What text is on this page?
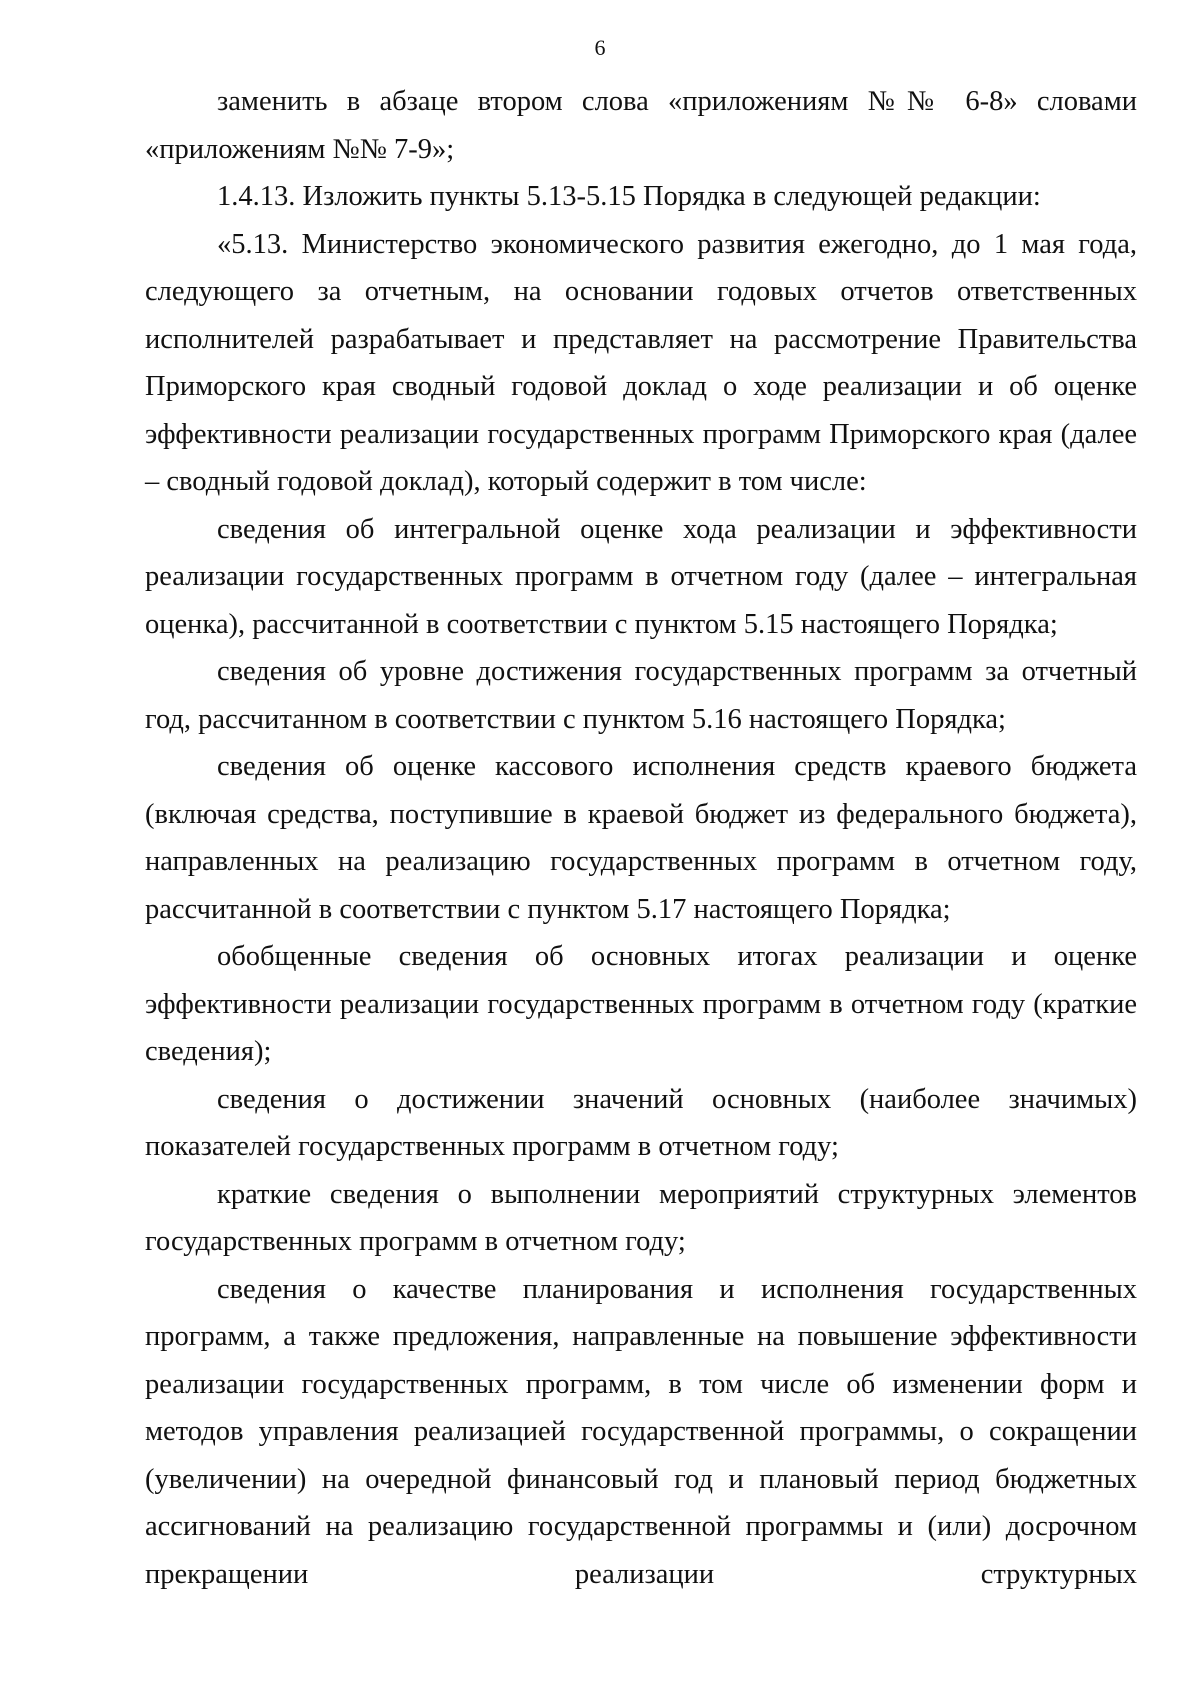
6

заменить в абзаце втором слова «приложениям №№ 6-8» словами «приложениям №№ 7-9»;

1.4.13. Изложить пункты 5.13-5.15 Порядка в следующей редакции:

«5.13. Министерство экономического развития ежегодно, до 1 мая года, следующего за отчетным, на основании годовых отчетов ответственных исполнителей разрабатывает и представляет на рассмотрение Правительства Приморского края сводный годовой доклад о ходе реализации и об оценке эффективности реализации государственных программ Приморского края (далее – сводный годовой доклад), который содержит в том числе:

сведения об интегральной оценке хода реализации и эффективности реализации государственных программ в отчетном году (далее – интегральная оценка), рассчитанной в соответствии с пунктом 5.15 настоящего Порядка;

сведения об уровне достижения государственных программ за отчетный год, рассчитанном в соответствии с пунктом 5.16 настоящего Порядка;

сведения об оценке кассового исполнения средств краевого бюджета (включая средства, поступившие в краевой бюджет из федерального бюджета), направленных на реализацию государственных программ в отчетном году, рассчитанной в соответствии с пунктом 5.17 настоящего Порядка;

обобщенные сведения об основных итогах реализации и оценке эффективности реализации государственных программ в отчетном году (краткие сведения);

сведения о достижении значений основных (наиболее значимых) показателей государственных программ в отчетном году;

краткие сведения о выполнении мероприятий структурных элементов государственных программ в отчетном году;

сведения о качестве планирования и исполнения государственных программ, а также предложения, направленные на повышение эффективности реализации государственных программ, в том числе об изменении форм и методов управления реализацией государственной программы, о сокращении (увеличении) на очередной финансовый год и плановый период бюджетных ассигнований на реализацию государственной программы и (или) досрочном прекращении реализации структурных
